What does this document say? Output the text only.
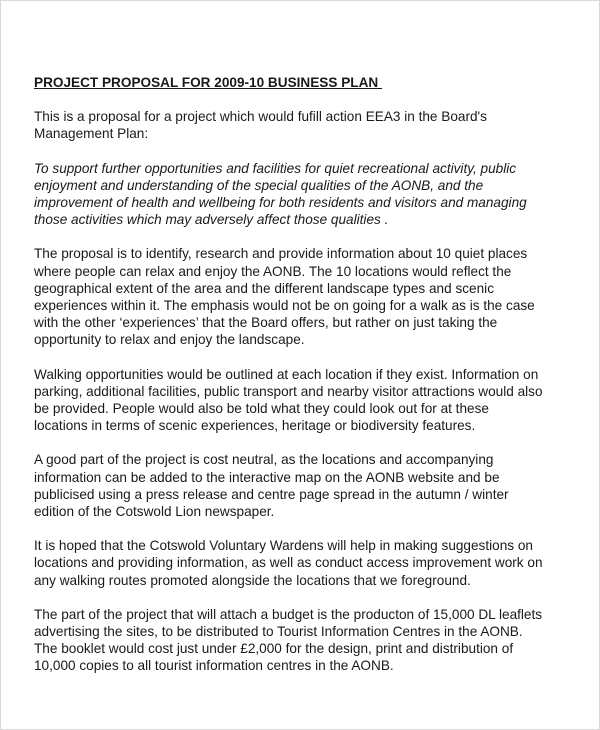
PROJECT PROPOSAL FOR 2009-10 BUSINESS PLAN

This is a proposal for a project which would fufill action EEA3 in the Board's
Management Plan:

To support further opportunities and facilities for quiet recreational activity, public
enjoyment and understanding of the special qualities of the AONB, and the
improvement of health and wellbeing for both residents and visitors and managing
those activities which may adversely affect those qualities .

The proposal is to identify, research and provide information about 10 quiet places
where people can relax and enjoy the AONB. The 10 locations would reflect the
geographical extent of the area and the different landscape types and scenic
experiences within it. The emphasis would not be on going for a walk as is the case
with the other ‘experiences’ that the Board offers, but rather on just taking the
opportunity to relax and enjoy the landscape.

Walking opportunities would be outlined at each location if they exist. Information on
parking, additional facilities, public transport and nearby visitor attractions would also
be provided. People would also be told what they could look out for at these
locations in terms of scenic experiences, heritage or biodiversity features.

A good part of the project is cost neutral, as the locations and accompanying
information can be added to the interactive map on the AONB website and be
publicised using a press release and centre page spread in the autumn / winter
edition of the Cotswold Lion newspaper.

It is hoped that the Cotswold Voluntary Wardens will help in making suggestions on
locations and providing information, as well as conduct access improvement work on
any walking routes promoted alongside the locations that we foreground.

The part of the project that will attach a budget is the producton of 15,000 DL leaflets
advertising the sites, to be distributed to Tourist Information Centres in the AONB.
The booklet would cost just under £2,000 for the design, print and distribution of
10,000 copies to all tourist information centres in the AONB.
